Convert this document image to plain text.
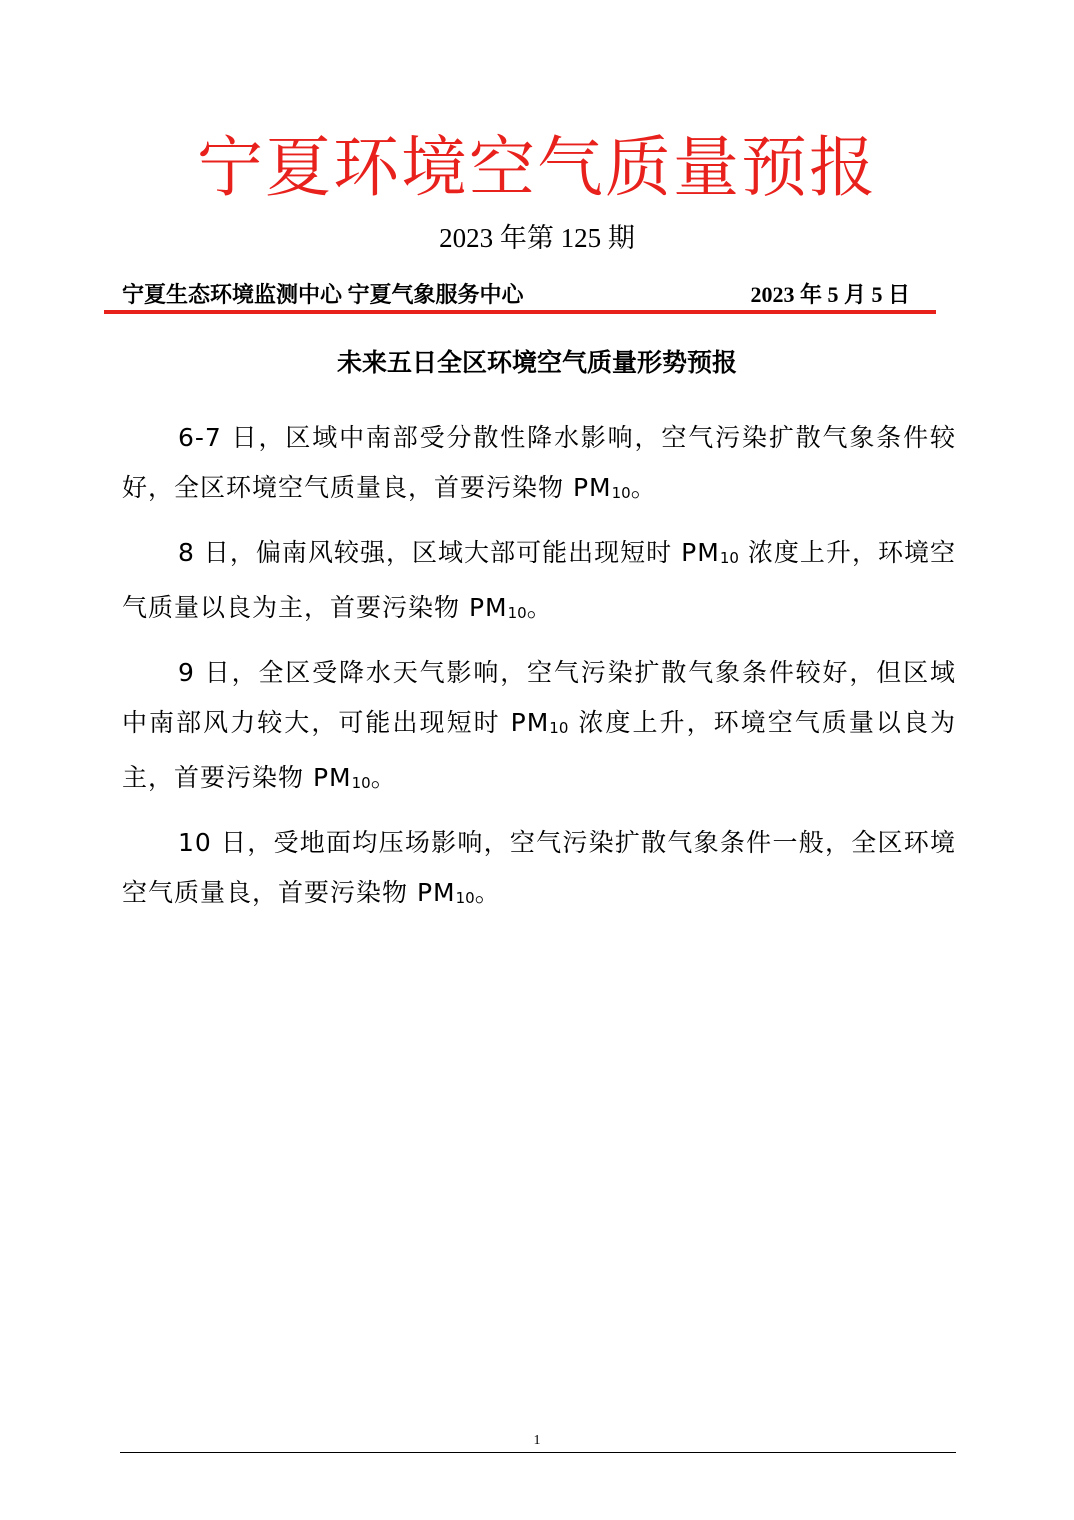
宁夏环境空气质量预报
2023 年第 125 期
宁夏生态环境监测中心 宁夏气象服务中心	2023 年 5 月 5 日
未来五日全区环境空气质量形势预报

6-7 日，区域中南部受分散性降水影响，空气污染扩散气象条件较好，全区环境空气质量良，首要污染物 $PM_{10}$。

8 日，偏南风较强，区域大部可能出现短时 $PM_{10}$ 浓度上升，环境空气质量以良为主，首要污染物 $PM_{10}$。

9 日，全区受降水天气影响，空气污染扩散气象条件较好，但区域中南部风力较大，可能出现短时 $PM_{10}$ 浓度上升，环境空气质量以良为主，首要污染物 $PM_{10}$。

10 日，受地面均压场影响，空气污染扩散气象条件一般，全区环境空气质量良，首要污染物 $PM_{10}$。

1
